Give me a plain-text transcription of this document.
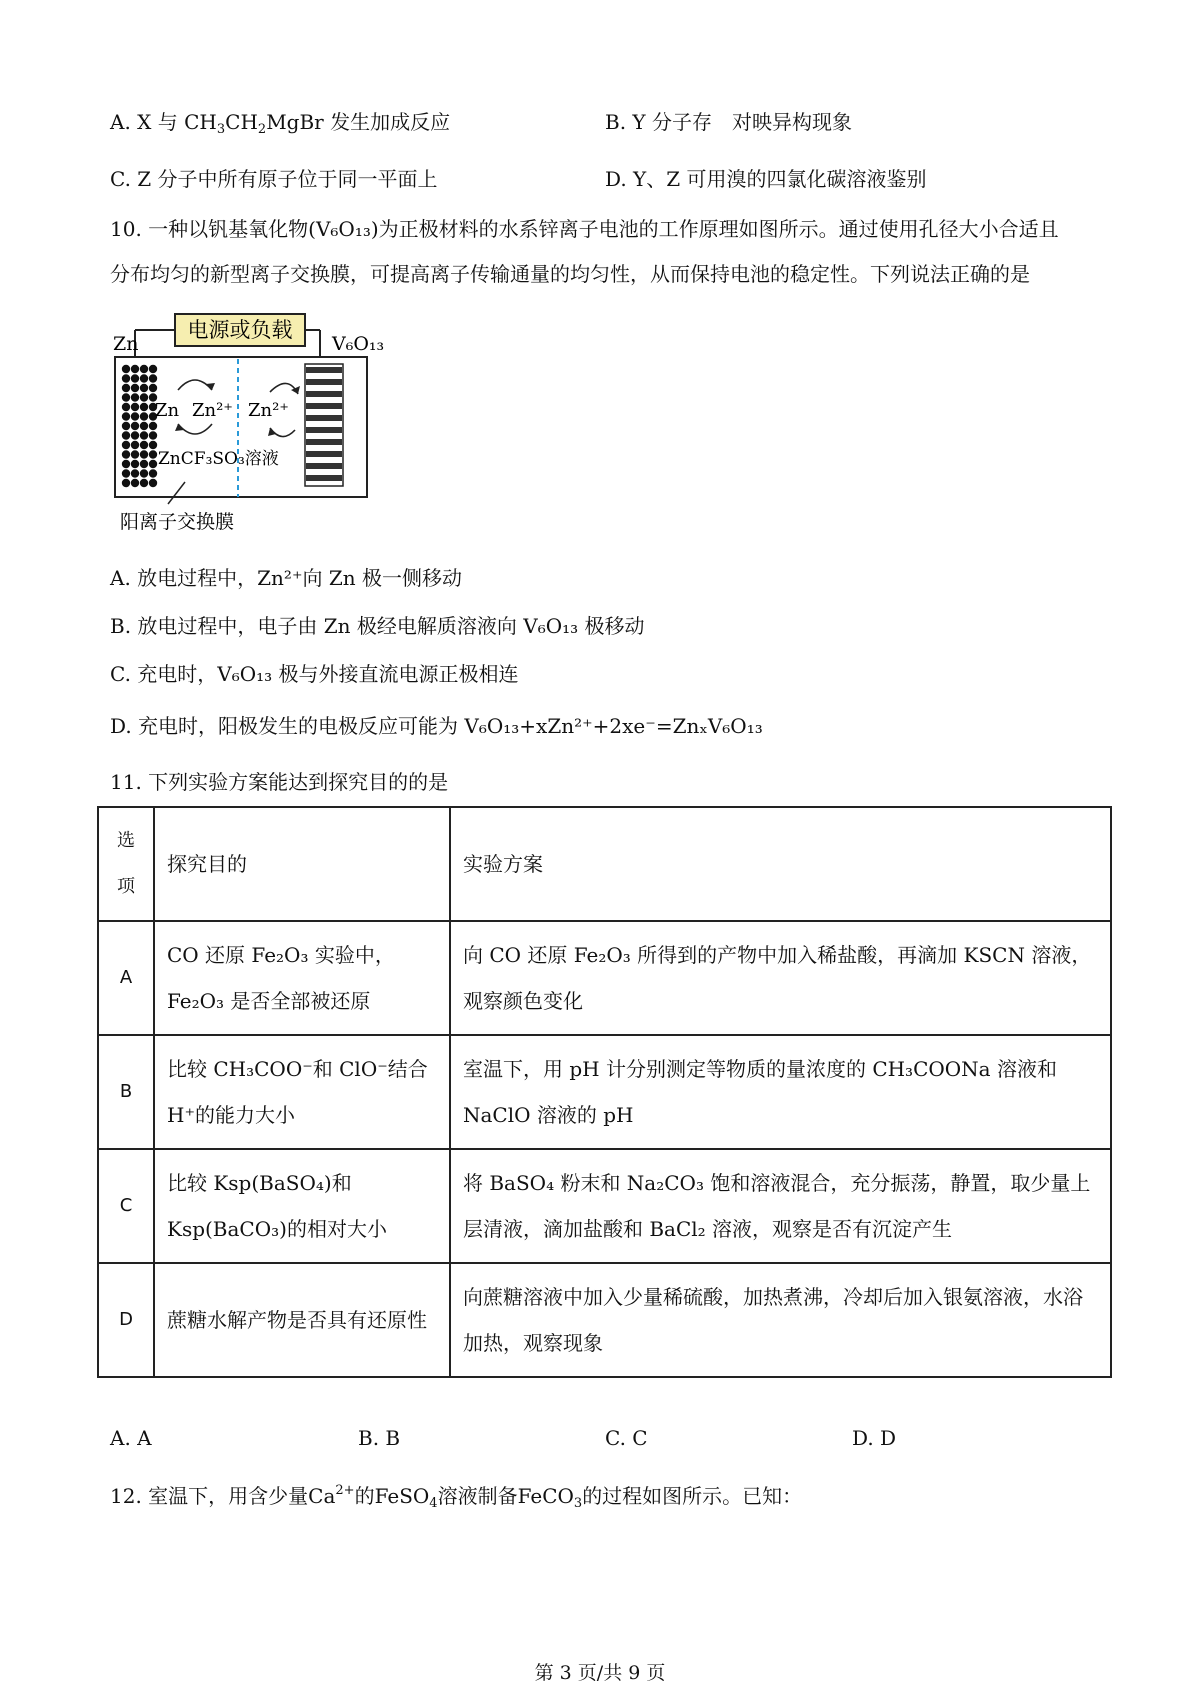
A. X 与 $CH_3CH_2MgBr$ 发生加成反应	B. Y 分子存　对映异构现象
C. Z 分子中所有原子位于同一平面上	D. Y、Z 可用溴的四氯化碳溶液鉴别
10. 一种以钒基氧化物(V₆O₁₃)为正极材料的水系锌离子电池的工作原理如图所示。通过使用孔径大小合适且
分布均匀的新型离子交换膜，可提高离子传输通量的均匀性，从而保持电池的稳定性。下列说法正确的是
电源或负载
Zn	V₆O₁₃
Zn Zn²⁺ Zn²⁺
ZnCF₃SO₃溶液
阳离子交换膜
A. 放电过程中，Zn²⁺向 Zn 极一侧移动
B. 放电过程中，电子由 Zn 极经电解质溶液向 V₆O₁₃ 极移动
C. 充电时，V₆O₁₃ 极与外接直流电源正极相连
D. 充电时，阳极发生的电极反应可能为 V₆O₁₃+xZn²⁺+2xe⁻=ZnₓV₆O₁₃
11. 下列实验方案能达到探究目的的是
选项	探究目的	实验方案
A	CO 还原 Fe₂O₃ 实验中，Fe₂O₃ 是否全部被还原	向 CO 还原 Fe₂O₃ 所得到的产物中加入稀盐酸，再滴加 KSCN 溶液，观察颜色变化
B	比较 CH₃COO⁻和 ClO⁻结合 H⁺的能力大小	室温下，用 pH 计分别测定等物质的量浓度的 CH₃COONa 溶液和 NaClO 溶液的 pH
C	比较 Ksp(BaSO₄)和 Ksp(BaCO₃)的相对大小	将 BaSO₄ 粉末和 Na₂CO₃ 饱和溶液混合，充分振荡，静置，取少量上层清液，滴加盐酸和 BaCl₂ 溶液，观察是否有沉淀产生
D	蔗糖水解产物是否具有还原性	向蔗糖溶液中加入少量稀硫酸，加热煮沸，冷却后加入银氨溶液，水浴加热，观察现象
A. A	B. B	C. C	D. D
12. 室温下，用含少量$Ca^{2+}$的FeSO$_4$溶液制备FeCO$_3$的过程如图所示。已知：
第 3 页/共 9 页
